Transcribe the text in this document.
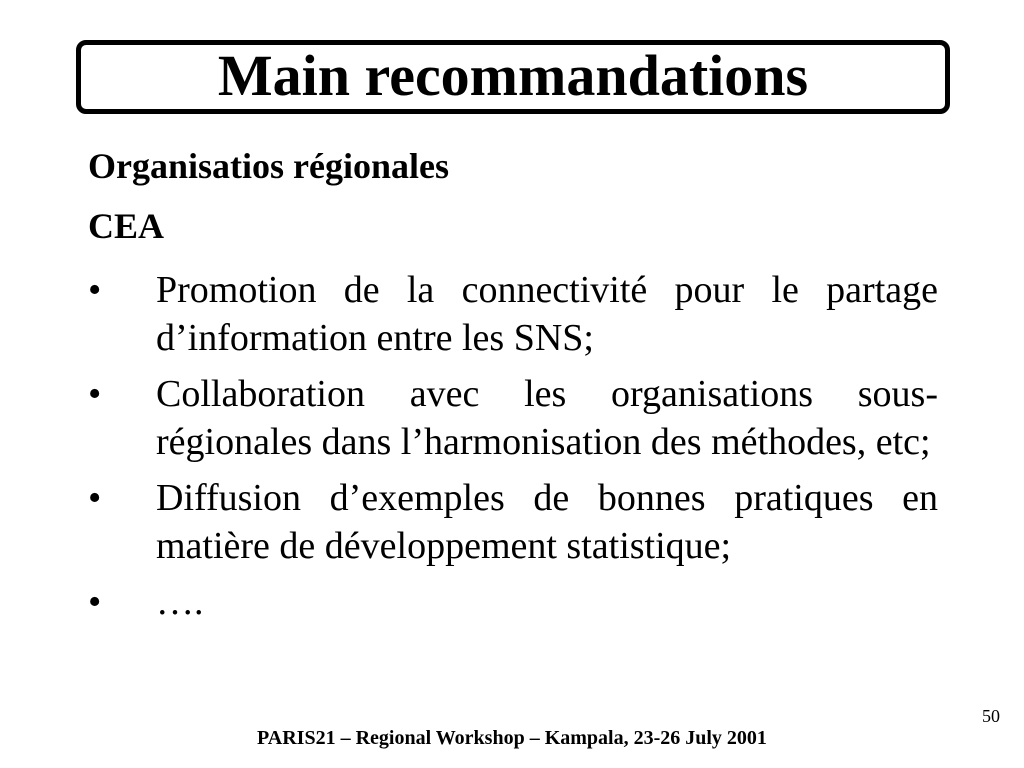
Main recommandations
Organisatios régionales
CEA
•	Promotion de la connectivité pour le partage d’information entre les SNS;
•	Collaboration avec les organisations sous-régionales dans l’harmonisation des méthodes, etc;
•	Diffusion d’exemples de bonnes pratiques en matière de développement statistique;
•	….
50
PARIS21 – Regional Workshop – Kampala, 23-26 July 2001
